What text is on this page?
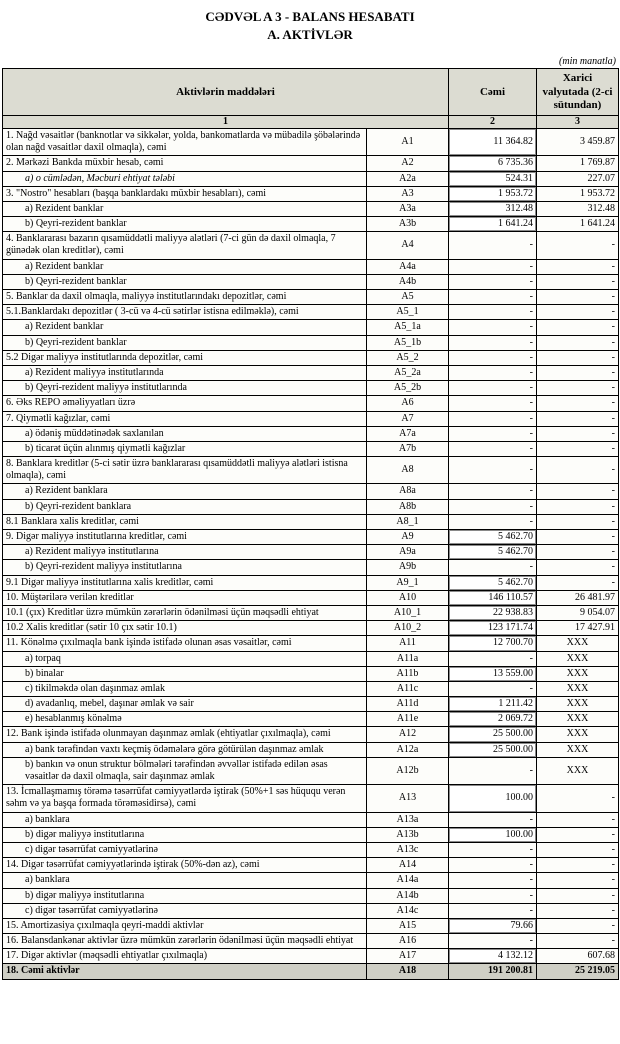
CƏDVƏL A 3 - BALANS HESABATI
A. AKTİVLƏR
(min manatla)
Aktivlərin maddələri		Cəmi	Xarici valyutada (2-ci sütundan)
1		2	3
1. Nağd vəsaitlər (banknotlar və sikkələr, yolda, bankomatlarda və mübadilə şöbələrində olan nağd vəsaitlər daxil olmaqla), cəmi	A1	11 364.82	3 459.87
2. Mərkəzi Bankda müxbir hesab, cəmi	A2	6 735.36	1 769.87
a) o cümlədən, Məcburi ehtiyat tələbi	A2a	524.31	227.07
3. "Nostro" hesabları (başqa banklardakı müxbir hesabları), cəmi	A3	1 953.72	1 953.72
a) Rezident banklar	A3a	312.48	312.48
b) Qeyri-rezident banklar	A3b	1 641.24	1 641.24
4. Banklararası bazarın qısamüddətli maliyyə alətləri (7-ci gün də daxil olmaqla, 7 günədək olan kreditlər), cəmi	A4	-	-
a) Rezident banklar	A4a	-	-
b) Qeyri-rezident banklar	A4b	-	-
5. Banklar da daxil olmaqla, maliyyə institutlarındakı depozitlər, cəmi	A5	-	-
5.1.Banklardakı depozitlər ( 3-cü və 4-cü sətirlər istisna edilməklə), cəmi	A5_1	-	-
a) Rezident banklar	A5_1a	-	-
b) Qeyri-rezident banklar	A5_1b	-	-
5.2 Digər maliyyə institutlarında depozitlər, cəmi	A5_2	-	-
a) Rezident maliyyə institutlarında	A5_2a	-	-
b) Qeyri-rezident maliyyə institutlarında	A5_2b	-	-
6. Əks REPO əməliyyatları üzrə	A6	-	-
7. Qiymətli kağızlar, cəmi	A7	-	-
a) ödəniş müddətinədək saxlanılan	A7a	-	-
b) ticarət üçün alınmış qiymətli kağızlar	A7b	-	-
8. Banklara kreditlər (5-ci sətir üzrə banklararası qısamüddətli maliyyə alətləri istisna olmaqla), cəmi	A8	-	-
a) Rezident banklara	A8a	-	-
b) Qeyri-rezident banklara	A8b	-	-
8.1 Banklara xalis kreditlər, cəmi	A8_1	-	-
9. Digər maliyyə institutlarına kreditlər, cəmi	A9	5 462.70	-
a) Rezident maliyyə institutlarına	A9a	5 462.70	-
b) Qeyri-rezident maliyyə institutlarına	A9b	-	-
9.1 Digər maliyyə institutlarına xalis kreditlər, cəmi	A9_1	5 462.70	-
10. Müştərilərə verilən kreditlər	A10	146 110.57	26 481.97
10.1 (çıx) Kreditlər üzrə mümkün zərərlərin ödənilməsi üçün məqsədli ehtiyat	A10_1	22 938.83	9 054.07
10.2 Xalis kreditlər (sətir 10 çıx sətir 10.1)	A10_2	123 171.74	17 427.91
11. Könəlmə çıxılmaqla bank işində istifadə olunan əsas vəsaitlər, cəmi	A11	12 700.70	XXX
a) torpaq	A11a	-	XXX
b) binalar	A11b	13 559.00	XXX
c) tikilməkdə olan daşınmaz əmlak	A11c	-	XXX
d) avadanlıq, mebel, daşınar əmlak və sair	A11d	1 211.42	XXX
e) hesablanmış könəlmə	A11e	2 069.72	XXX
12. Bank işində istifadə olunmayan daşınmaz əmlak (ehtiyatlar çıxılmaqla), cəmi	A12	25 500.00	XXX
a) bank tərəfindən vaxtı keçmiş ödəmələrə görə götürülən daşınmaz əmlak	A12a	25 500.00	XXX
b) bankın və onun struktur bölmələri tərəfindən əvvəllər istifadə edilən əsas vəsaitlər də daxil olmaqla, sair daşınmaz əmlak	A12b	-	XXX
13. İcmallaşmamış törəmə təsərrüfat cəmiyyətlərdə iştirak (50%+1 səs hüququ verən səhm və ya başqa formada törəməsidirsə), cəmi	A13	100.00	-
a) banklara	A13a	-	-
b) digər maliyyə institutlarına	A13b	100.00	-
c) digər təsərrüfat cəmiyyətlərinə	A13c	-	-
14. Digər təsərrüfat cəmiyyətlərində iştirak (50%-dən az), cəmi	A14	-	-
a) banklara	A14a	-	-
b) digər maliyyə institutlarına	A14b	-	-
c) digər təsərrüfat cəmiyyətlərinə	A14c	-	-
15. Amortizasiya çıxılmaqla qeyri-maddi aktivlər	A15	79.66	-
16. Balansdankənar aktivlər üzrə mümkün zərərlərin ödənilməsi üçün məqsədli ehtiyat	A16	-	-
17. Digər aktivlər (məqsədli ehtiyatlar çıxılmaqla)	A17	4 132.12	607.68
18. Cəmi aktivlər	A18	191 200.81	25 219.05
